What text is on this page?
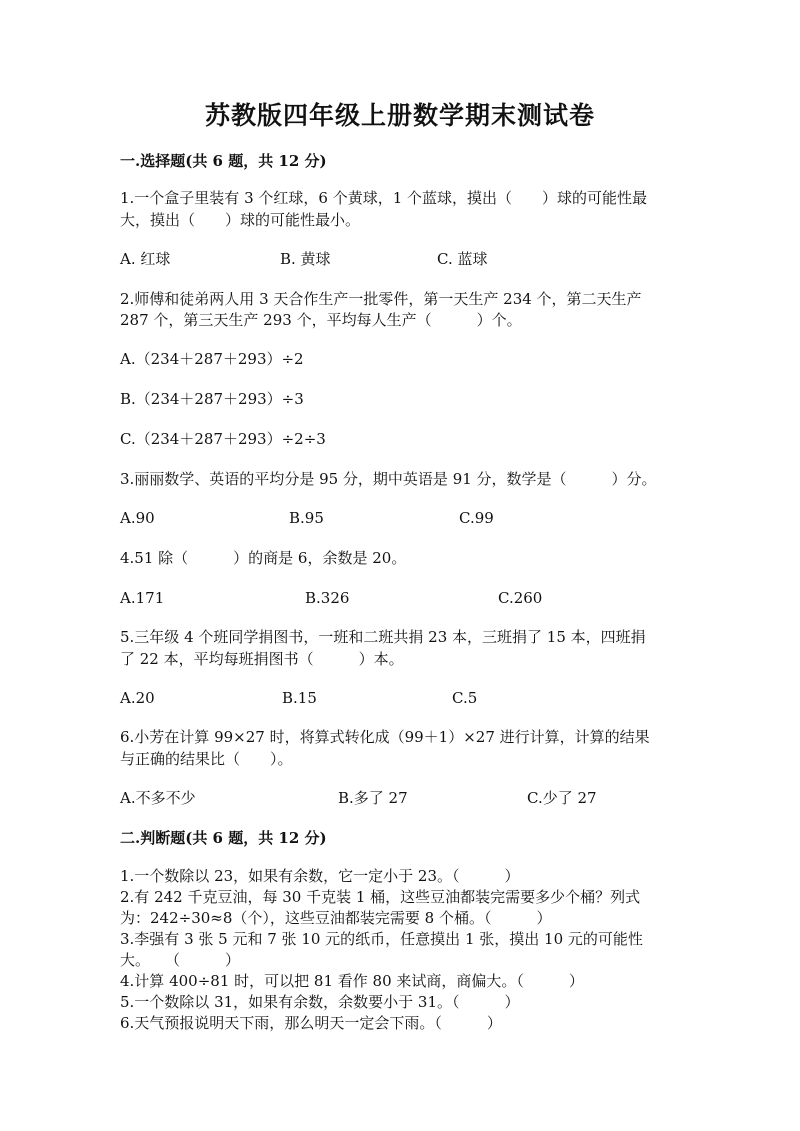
苏教版四年级上册数学期末测试卷
一.选择题(共 6 题，共 12 分)
1.一个盒子里装有 3 个红球，6 个黄球，1 个蓝球，摸出（　　）球的可能性最
大，摸出（　　）球的可能性最小。
A. 红球	B. 黄球	C. 蓝球
2.师傅和徒弟两人用 3 天合作生产一批零件，第一天生产 234 个，第二天生产
287 个，第三天生产 293 个，平均每人生产（　　　）个。
A.（234＋287＋293）÷2
B.（234＋287＋293）÷3
C.（234＋287＋293）÷2÷3
3.丽丽数学、英语的平均分是 95 分，期中英语是 91 分，数学是（　　　）分。
A.90	B.95	C.99
4.51 除（　　　）的商是 6，余数是 20。
A.171	B.326	C.260
5.三年级 4 个班同学捐图书，一班和二班共捐 23 本，三班捐了 15 本，四班捐
了 22 本，平均每班捐图书（　　　）本。
A.20	B.15	C.5
6.小芳在计算 99×27 时，将算式转化成（99＋1）×27 进行计算，计算的结果
与正确的结果比（　　）。
A.不多不少	B.多了 27	C.少了 27
二.判断题(共 6 题，共 12 分)
1.一个数除以 23，如果有余数，它一定小于 23。（　　　）
2.有 242 千克豆油，每 30 千克装 1 桶，这些豆油都装完需要多少个桶？列式
为：242÷30≈8（个），这些豆油都装完需要 8 个桶。（　　　）
3.李强有 3 张 5 元和 7 张 10 元的纸币，任意摸出 1 张，摸出 10 元的可能性
大。　　（　　　）
4.计算 400÷81 时，可以把 81 看作 80 来试商，商偏大。（　　　）
5.一个数除以 31，如果有余数，余数要小于 31。（　　　）
6.天气预报说明天下雨，那么明天一定会下雨。（　　　）
